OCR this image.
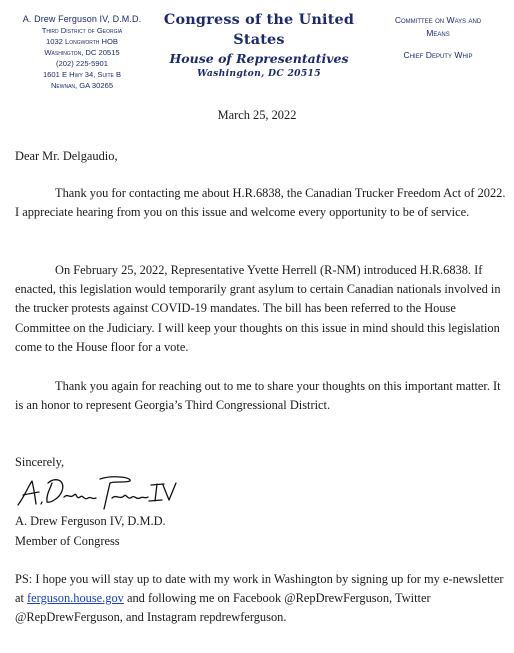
A. Drew Ferguson IV, D.M.D.
Third District of Georgia
1032 Longworth HOB
Washington, DC 20515
(202) 225-5901
1601 E Hwy 34, Suite B
Newnan, GA 30265
Congress of the United States
House of Representatives
Washington, DC 20515
Committee on Ways and
Means
Chief Deputy Whip
March 25, 2022
Dear Mr. Delgaudio,
Thank you for contacting me about H.R.6838, the Canadian Trucker Freedom Act of 2022. I appreciate hearing from you on this issue and welcome every opportunity to be of service.
On February 25, 2022, Representative Yvette Herrell (R-NM) introduced H.R.6838. If enacted, this legislation would temporarily grant asylum to certain Canadian nationals involved in the trucker protests against COVID-19 mandates. The bill has been referred to the House Committee on the Judiciary. I will keep your thoughts on this issue in mind should this legislation come to the House floor for a vote.
Thank you again for reaching out to me to share your thoughts on this important matter. It is an honor to represent Georgia’s Third Congressional District.
Sincerely,
A. Drew Ferguson IV, D.M.D.
Member of Congress
PS: I hope you will stay up to date with my work in Washington by signing up for my e-newsletter at ferguson.house.gov and following me on Facebook @RepDrewFerguson, Twitter @RepDrewFerguson, and Instagram repdrewferguson.
